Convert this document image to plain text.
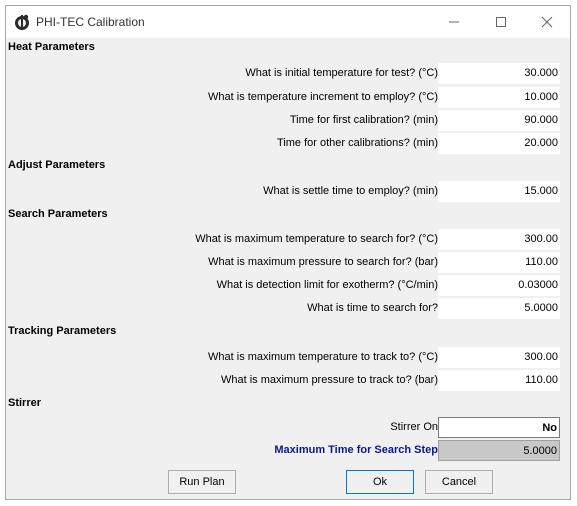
PHI-TEC Calibration
Heat Parameters
What is initial temperature for test? (°C)	30.000
What is temperature increment to employ? (°C)	10.000
Time for first calibration? (min)	90.000
Time for other calibrations? (min)	20.000
Adjust Parameters
What is settle time to employ? (min)	15.000
Search Parameters
What is maximum temperature to search for? (°C)	300.00
What is maximum pressure to search for? (bar)	110.00
What is detection limit for exotherm? (°C/min)	0.03000
What is time to search for?	5.0000
Tracking Parameters
What is maximum temperature to track to? (°C)	300.00
What is maximum pressure to track to? (bar)	110.00
Stirrer
Stirrer On	No
Maximum Time for Search Step	5.0000
Run Plan	Ok	Cancel
